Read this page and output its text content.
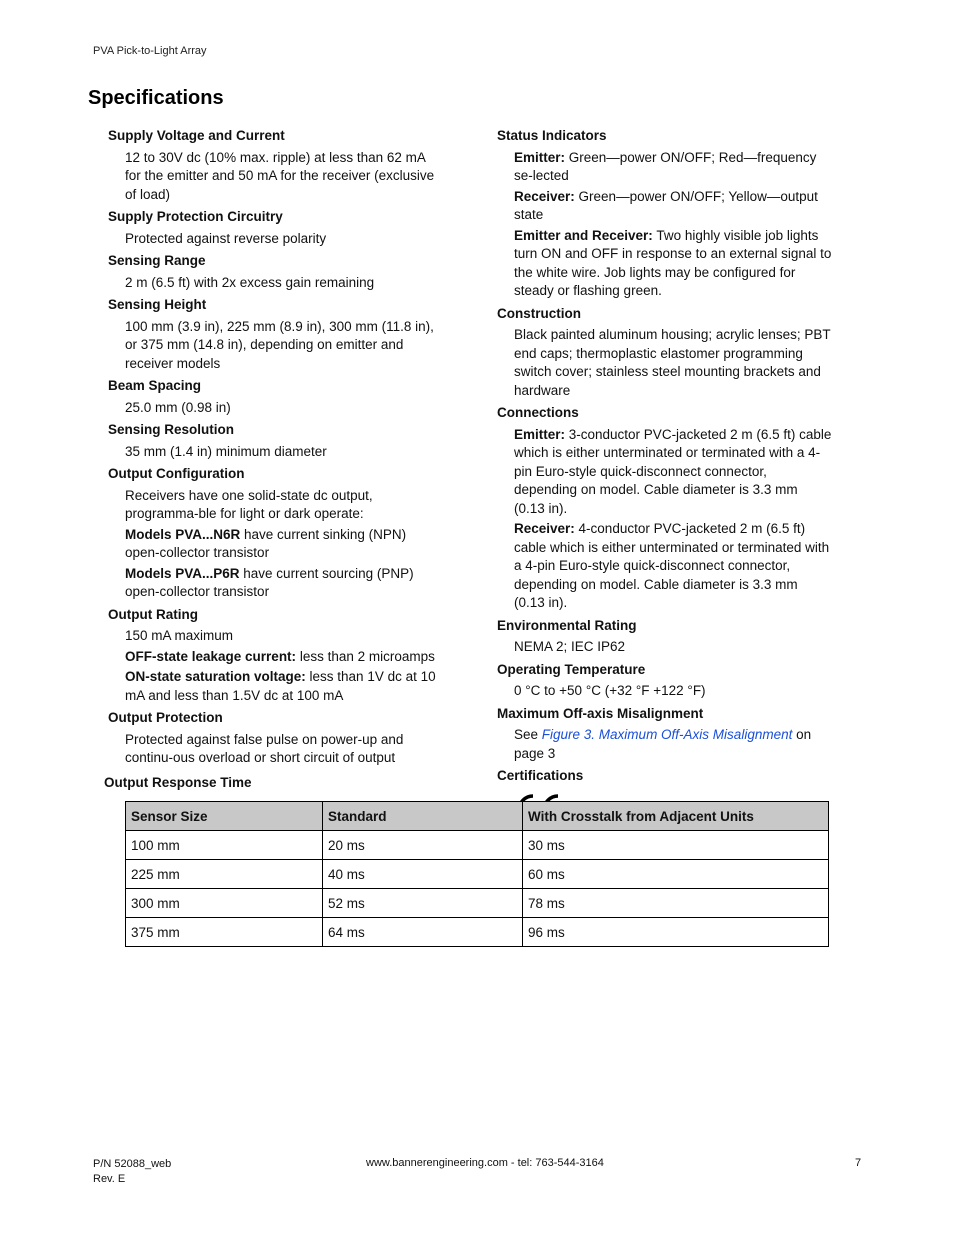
PVA Pick-to-Light Array
Specifications
Supply Voltage and Current

12 to 30V dc (10% max. ripple) at less than 62 mA for the emitter and 50 mA for the receiver (exclusive of load)

Supply Protection Circuitry

Protected against reverse polarity

Sensing Range

2 m (6.5 ft) with 2x excess gain remaining

Sensing Height

100 mm (3.9 in), 225 mm (8.9 in), 300 mm (11.8 in), or 375 mm (14.8 in), depending on emitter and receiver models

Beam Spacing

25.0 mm (0.98 in)

Sensing Resolution

35 mm (1.4 in) minimum diameter

Output Configuration

Receivers have one solid-state dc output, programma-ble for light or dark operate:

Models PVA...N6R have current sinking (NPN) open-collector transistor

Models PVA...P6R have current sourcing (PNP) open-collector transistor

Output Rating

150 mA maximum

OFF-state leakage current: less than 2 microamps

ON-state saturation voltage: less than 1V dc at 10 mA and less than 1.5V dc at 100 mA

Output Protection

Protected against false pulse on power-up and continu-ous overload or short circuit of output

Status Indicators

Emitter: Green—power ON/OFF; Red—frequency se-lected

Receiver: Green—power ON/OFF; Yellow—output state

Emitter and Receiver: Two highly visible job lights turn ON and OFF in response to an external signal to the white wire. Job lights may be configured for steady or flashing green.

Construction

Black painted aluminum housing; acrylic lenses; PBT end caps; thermoplastic elastomer programming switch cover; stainless steel mounting brackets and hardware

Connections

Emitter: 3-conductor PVC-jacketed 2 m (6.5 ft) cable which is either unterminated or terminated with a 4-pin Euro-style quick-disconnect connector, depending on model. Cable diameter is 3.3 mm (0.13 in).

Receiver: 4-conductor PVC-jacketed 2 m (6.5 ft) cable which is either unterminated or terminated with a 4-pin Euro-style quick-disconnect connector, depending on model. Cable diameter is 3.3 mm (0.13 in).

Environmental Rating

NEMA 2; IEC IP62

Operating Temperature

0 °C to +50 °C (+32 °F +122 °F)

Maximum Off-axis Misalignment

See Figure 3. Maximum Off-Axis Misalignment on page 3

Certifications
Output Response Time
Sensor Size	Standard	With Crosstalk from Adjacent Units
100 mm	20 ms	30 ms
225 mm	40 ms	60 ms
300 mm	52 ms	78 ms
375 mm	64 ms	96 ms
P/N 52088_web
Rev. E
www.bannerengineering.com - tel: 763-544-3164	7
